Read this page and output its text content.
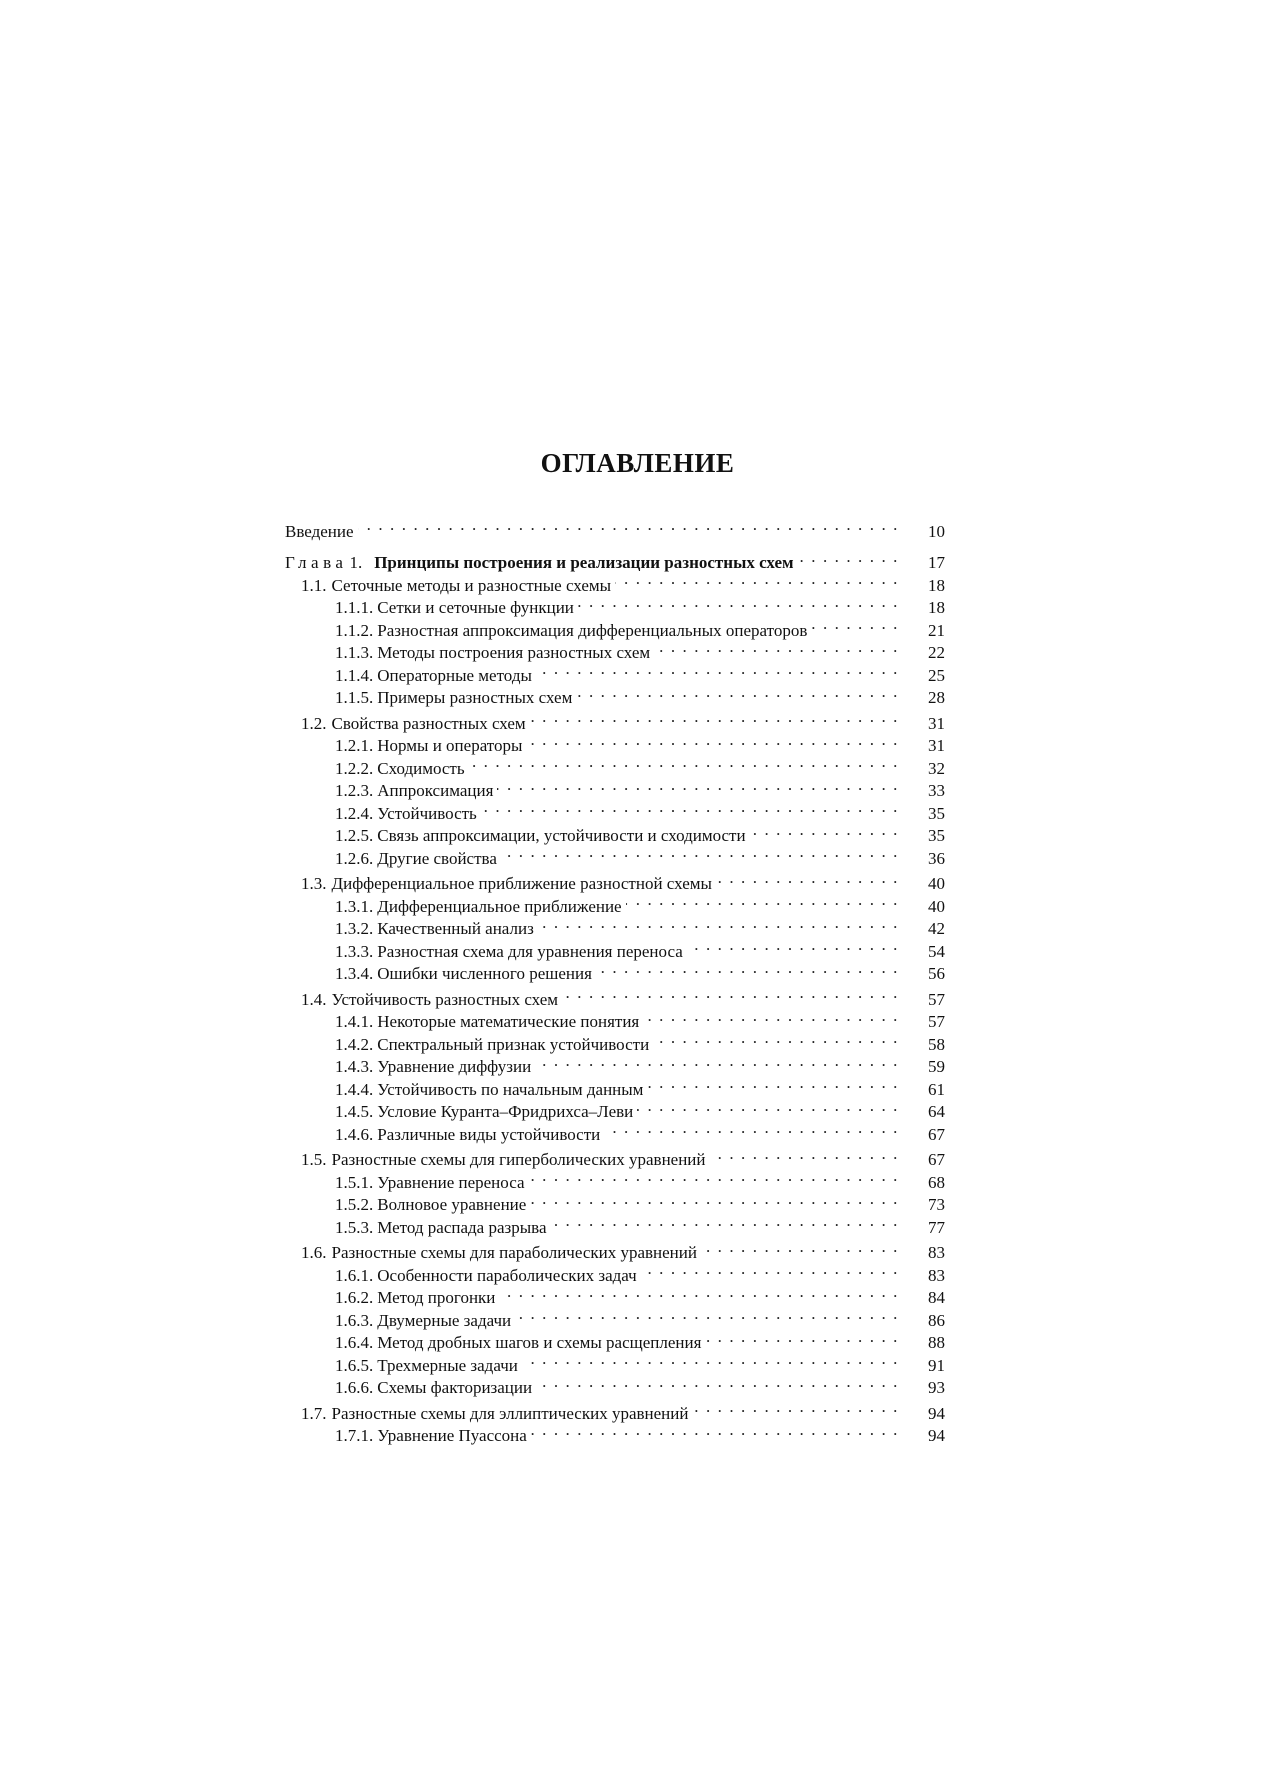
ОГЛАВЛЕНИЕ
Введение . . .	10
Глава 1. Принципы построения и реализации разностных схем . . .	17
1.1. Сеточные методы и разностные схемы . . .	18
1.1.1. Сетки и сеточные функции . . .	18
1.1.2. Разностная аппроксимация дифференциальных операторов . . .	21
1.1.3. Методы построения разностных схем . . .	22
1.1.4. Операторные методы . . .	25
1.1.5. Примеры разностных схем . . .	28
1.2. Свойства разностных схем . . .	31
1.2.1. Нормы и операторы . . .	31
1.2.2. Сходимость . . .	32
1.2.3. Аппроксимация . . .	33
1.2.4. Устойчивость . . .	35
1.2.5. Связь аппроксимации, устойчивости и сходимости . . .	35
1.2.6. Другие свойства . . .	36
1.3. Дифференциальное приближение разностной схемы . . .	40
1.3.1. Дифференциальное приближение . . .	40
1.3.2. Качественный анализ . . .	42
1.3.3. Разностная схема для уравнения переноса . . .	54
1.3.4. Ошибки численного решения . . .	56
1.4. Устойчивость разностных схем . . .	57
1.4.1. Некоторые математические понятия . . .	57
1.4.2. Спектральный признак устойчивости . . .	58
1.4.3. Уравнение диффузии . . .	59
1.4.4. Устойчивость по начальным данным . . .	61
1.4.5. Условие Куранта–Фридрихса–Леви . . .	64
1.4.6. Различные виды устойчивости . . .	67
1.5. Разностные схемы для гиперболических уравнений . . .	67
1.5.1. Уравнение переноса . . .	68
1.5.2. Волновое уравнение . . .	73
1.5.3. Метод распада разрыва . . .	77
1.6. Разностные схемы для параболических уравнений . . .	83
1.6.1. Особенности параболических задач . . .	83
1.6.2. Метод прогонки . . .	84
1.6.3. Двумерные задачи . . .	86
1.6.4. Метод дробных шагов и схемы расщепления . . .	88
1.6.5. Трехмерные задачи . . .	91
1.6.6. Схемы факторизации . . .	93
1.7. Разностные схемы для эллиптических уравнений . . .	94
1.7.1. Уравнение Пуассона . . .	94
